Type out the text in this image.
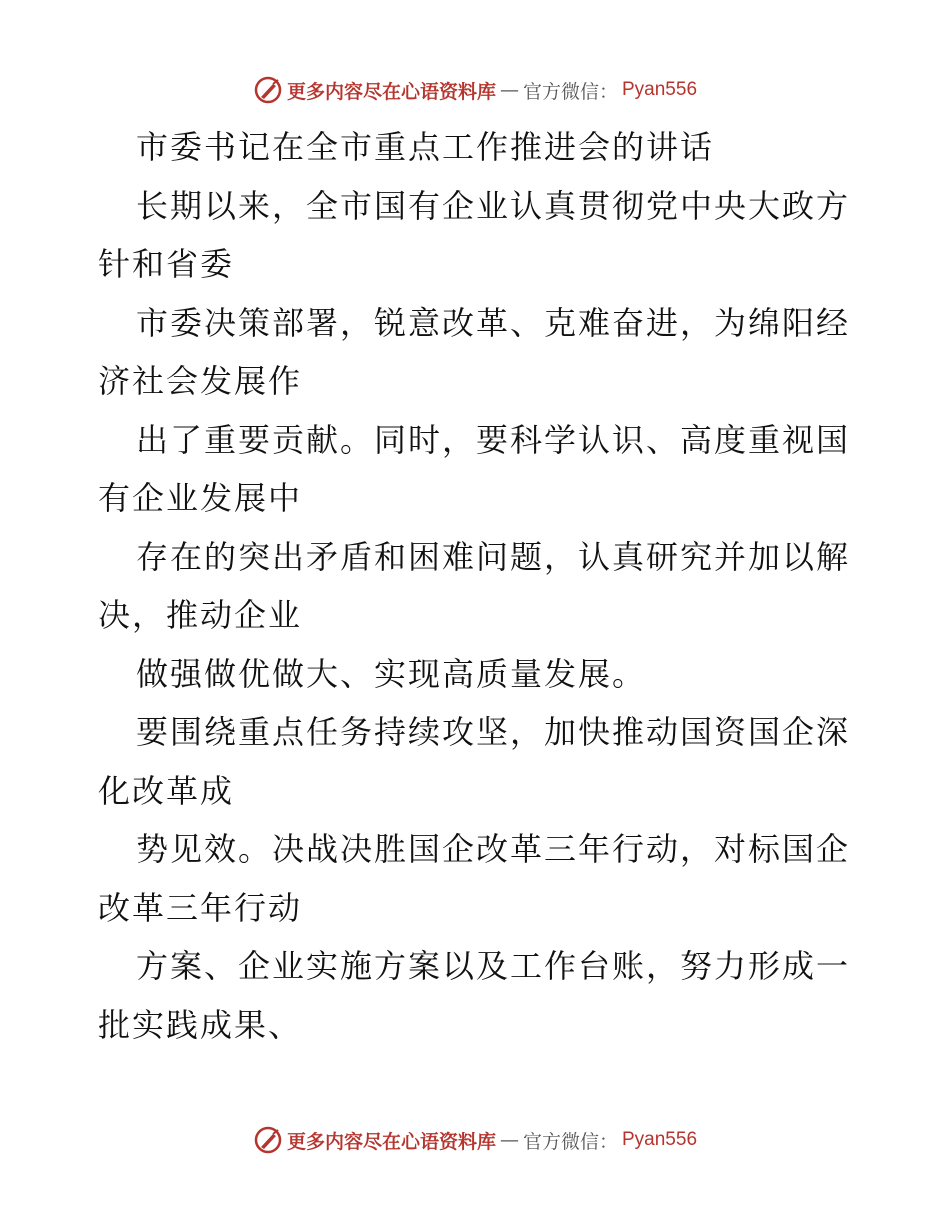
更多内容尽在心语资料库 — 官方微信： Pyan556
市委书记在全市重点工作推进会的讲话
长期以来，全市国有企业认真贯彻党中央大政方
针和省委
市委决策部署，锐意改革、克难奋进，为绵阳经
济社会发展作
出了重要贡献。同时，要科学认识、高度重视国
有企业发展中
存在的突出矛盾和困难问题，认真研究并加以解
决，推动企业
做强做优做大、实现高质量发展。
要围绕重点任务持续攻坚，加快推动国资国企深
化改革成
势见效。决战决胜国企改革三年行动，对标国企
改革三年行动
方案、企业实施方案以及工作台账，努力形成一
批实践成果、
更多内容尽在心语资料库 — 官方微信： Pyan556
